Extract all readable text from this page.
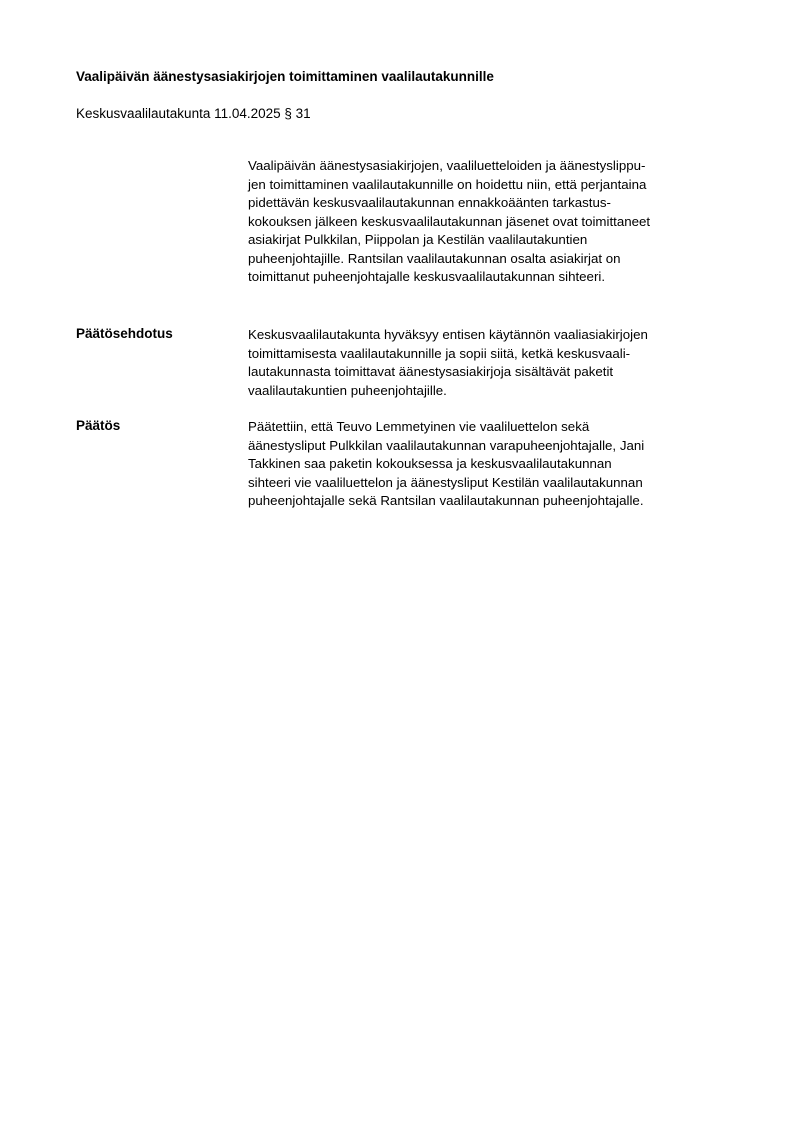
Vaalipäivän äänestysasiakirjojen toimittaminen vaalilautakunnille
Keskusvaalilautakunta 11.04.2025 § 31
Vaalipäivän äänestysasiakirjojen, vaaliluetteloiden ja äänestyslippu-
jen toimittaminen vaalilautakunnille on hoidettu niin, että perjantaina
pidettävän keskusvaalilautakunnan ennakkoäänten tarkastus-
kokouksen jälkeen keskusvaalilautakunnan jäsenet ovat toimittaneet
asiakirjat Pulkkilan, Piippolan ja Kestilän vaalilautakuntien
puheenjohtajille. Rantsilan vaalilautakunnan osalta asiakirjat on
toimittanut puheenjohtajalle keskusvaalilautakunnan sihteeri.
Päätösehdotus	Keskusvaalilautakunta hyväksyy entisen käytännön vaaliasiakirjojen
toimittamisesta vaalilautakunnille ja sopii siitä, ketkä keskusvaali-
lautakunnasta toimittavat äänestysasiakirjoja sisältävät paketit
vaalilautakuntien puheenjohtajille.
Päätös	Päätettiin, että Teuvo Lemmetyinen vie vaaliluettelon sekä
äänestysliput Pulkkilan vaalilautakunnan varapuheenjohtajalle, Jani
Takkinen saa paketin kokouksessa ja keskusvaalilautakunnan
sihteeri vie vaaliluettelon ja äänestysliput Kestilän vaalilautakunnan
puheenjohtajalle sekä Rantsilan vaalilautakunnan puheenjohtajalle.
